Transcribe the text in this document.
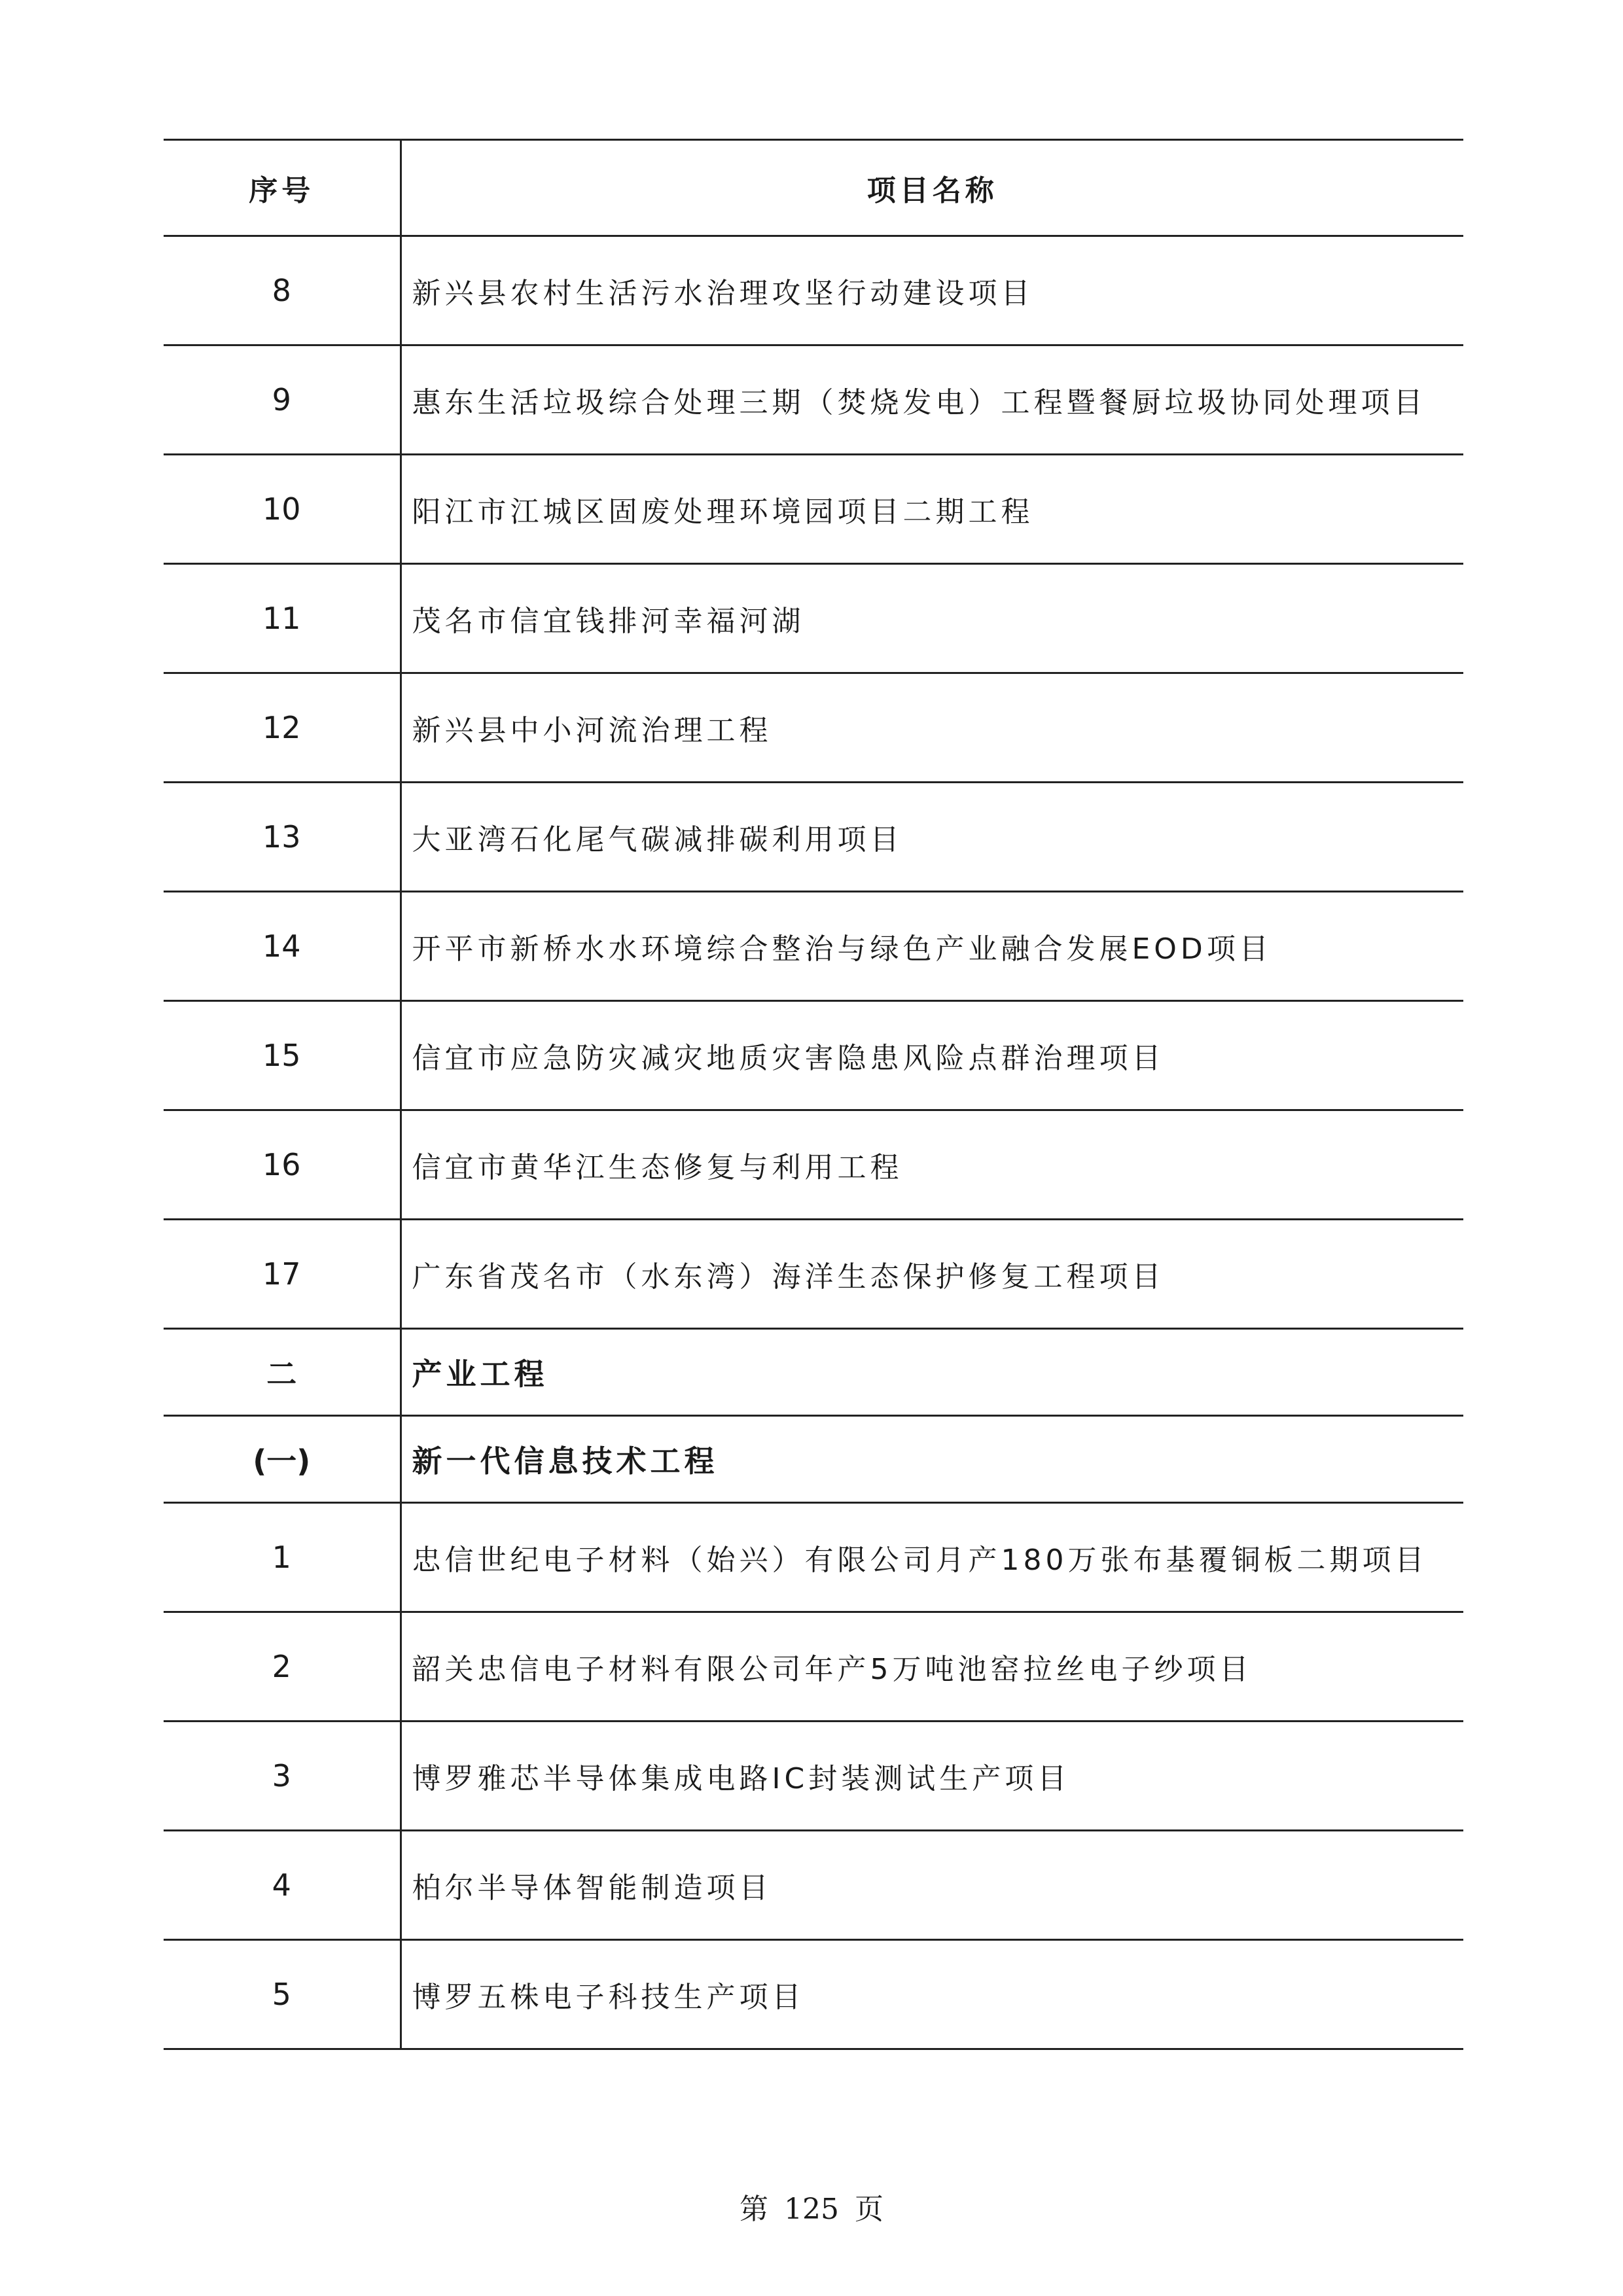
序号	项目名称
8	新兴县农村生活污水治理攻坚行动建设项目
9	惠东生活垃圾综合处理三期（焚烧发电）工程暨餐厨垃圾协同处理项目
10	阳江市江城区固废处理环境园项目二期工程
11	茂名市信宜钱排河幸福河湖
12	新兴县中小河流治理工程
13	大亚湾石化尾气碳减排碳利用项目
14	开平市新桥水水环境综合整治与绿色产业融合发展EOD项目
15	信宜市应急防灾减灾地质灾害隐患风险点群治理项目
16	信宜市黄华江生态修复与利用工程
17	广东省茂名市（水东湾）海洋生态保护修复工程项目
二	产业工程
(一)	新一代信息技术工程
1	忠信世纪电子材料（始兴）有限公司月产180万张布基覆铜板二期项目
2	韶关忠信电子材料有限公司年产5万吨池窑拉丝电子纱项目
3	博罗雅芯半导体集成电路IC封装测试生产项目
4	柏尔半导体智能制造项目
5	博罗五株电子科技生产项目
第 125 页
